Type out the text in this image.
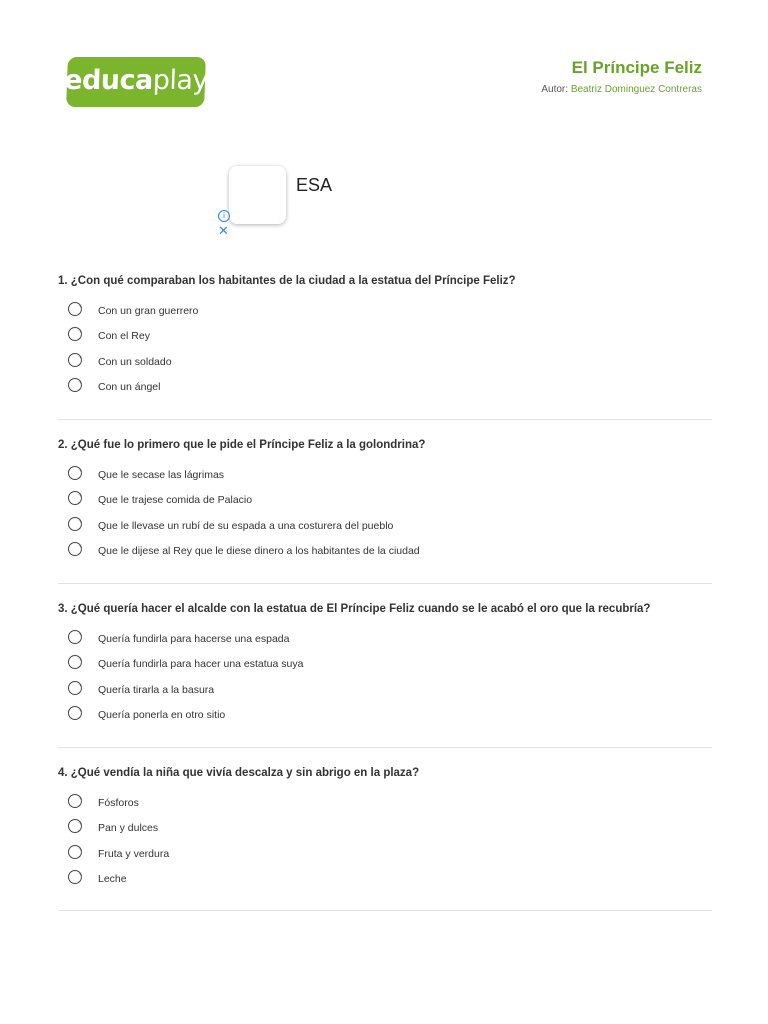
educa
play	El Príncipe Feliz
Autor: Beatriz Dominguez Contreras
ESA
i
✕
1. ¿Con qué comparaban los habitantes de la ciudad a la estatua del Príncipe Feliz?
Con un gran guerrero
Con el Rey
Con un soldado
Con un ángel
2. ¿Qué fue lo primero que le pide el Príncipe Feliz a la golondrina?
Que le secase las lágrimas
Que le trajese comida de Palacio
Que le llevase un rubí de su espada a una costurera del pueblo
Que le dijese al Rey que le diese dinero a los habitantes de la ciudad
3. ¿Qué quería hacer el alcalde con la estatua de El Príncipe Feliz cuando se le acabó el oro que la recubría?
Quería fundirla para hacerse una espada
Quería fundirla para hacer una estatua suya
Quería tirarla a la basura
Quería ponerla en otro sitio
4. ¿Qué vendía la niña que vivía descalza y sin abrigo en la plaza?
Fósforos
Pan y dulces
Fruta y verdura
Leche
